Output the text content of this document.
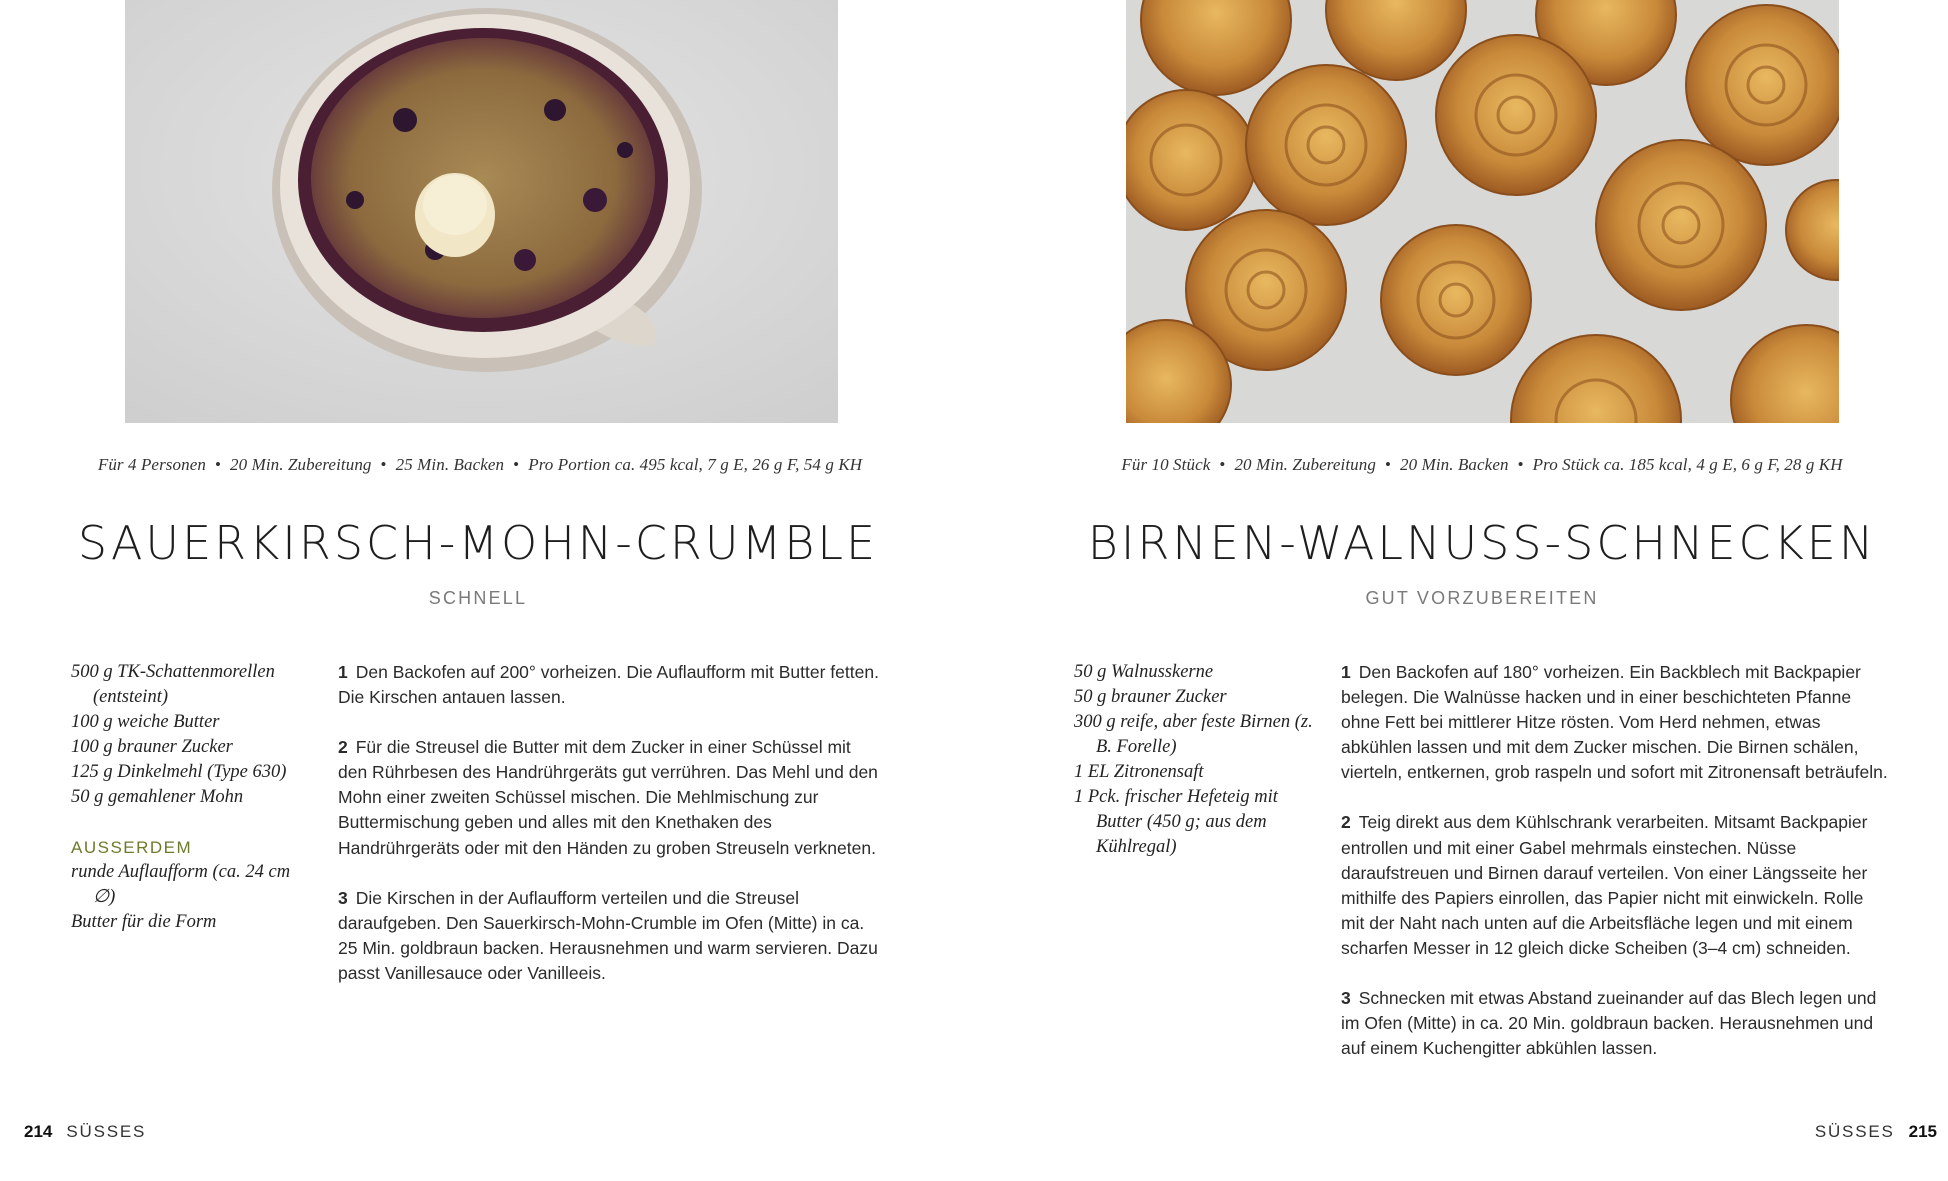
Für 4 Personen • 20 Min. Zubereitung • 25 Min. Backen • Pro Portion ca. 495 kcal, 7 g E, 26 g F, 54 g KH
SAUERKIRSCH-MOHN-CRUMBLE
SCHNELL
500 g TK-Schattenmorellen (entsteint)
100 g weiche Butter
100 g brauner Zucker
125 g Dinkelmehl (Type 630)
50 g gemahlener Mohn
AUSSERDEM
runde Auflaufform (ca. 24 cm ∅)
Butter für die Form
1 Den Backofen auf 200° vorheizen. Die Auflaufform mit Butter fetten. Die Kirschen antauen lassen.
2 Für die Streusel die Butter mit dem Zucker in einer Schüssel mit den Rührbesen des Handrührgeräts gut verrühren. Das Mehl und den Mohn einer zweiten Schüssel mischen. Die Mehlmischung zur Buttermischung geben und alles mit den Knethaken des Handrührgeräts oder mit den Händen zu groben Streuseln verkneten.
3 Die Kirschen in der Auflaufform verteilen und die Streusel daraufgeben. Den Sauerkirsch-Mohn-Crumble im Ofen (Mitte) in ca. 25 Min. goldbraun backen. Herausnehmen und warm servieren. Dazu passt Vanillesauce oder Vanilleeis.
214 SÜSSES
Für 10 Stück • 20 Min. Zubereitung • 20 Min. Backen • Pro Stück ca. 185 kcal, 4 g E, 6 g F, 28 g KH
BIRNEN-WALNUSS-SCHNECKEN
GUT VORZUBEREITEN
50 g Walnusskerne
50 g brauner Zucker
300 g reife, aber feste Birnen (z. B. Forelle)
1 EL Zitronensaft
1 Pck. frischer Hefeteig mit Butter (450 g; aus dem Kühlregal)
1 Den Backofen auf 180° vorheizen. Ein Backblech mit Backpapier belegen. Die Walnüsse hacken und in einer beschichteten Pfanne ohne Fett bei mittlerer Hitze rösten. Vom Herd nehmen, etwas abkühlen lassen und mit dem Zucker mischen. Die Birnen schälen, vierteln, entkernen, grob raspeln und sofort mit Zitronensaft beträufeln.
2 Teig direkt aus dem Kühlschrank verarbeiten. Mitsamt Backpapier entrollen und mit einer Gabel mehrmals einstechen. Nüsse daraufstreuen und Birnen darauf verteilen. Von einer Längsseite her mithilfe des Papiers einrollen, das Papier nicht mit einwickeln. Rolle mit der Naht nach unten auf die Arbeitsfläche legen und mit einem scharfen Messer in 12 gleich dicke Scheiben (3–4 cm) schneiden.
3 Schnecken mit etwas Abstand zueinander auf das Blech legen und im Ofen (Mitte) in ca. 20 Min. goldbraun backen. Herausnehmen und auf einem Kuchengitter abkühlen lassen.
SÜSSES 215
